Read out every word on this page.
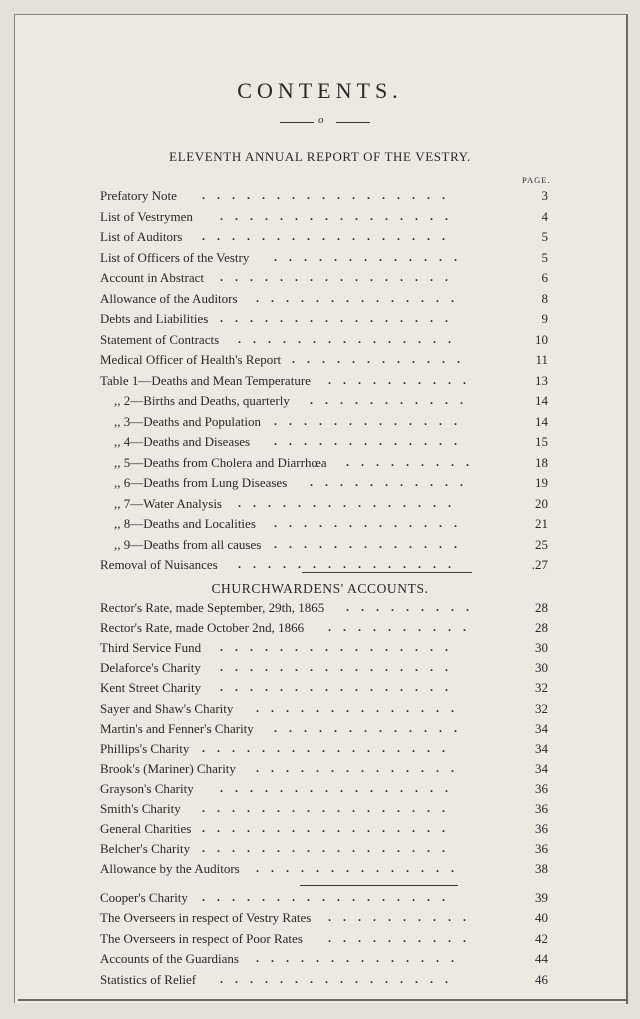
CONTENTS.
o
ELEVENTH ANNUAL REPORT OF THE VESTRY.
PAGE.
Prefatory Note	3
.................
List of Vestrymen	4
................
List of Auditors	5
.................
List of Officers of the Vestry	5
.............
Account in Abstract	6
................
Allowance of the Auditors	8
..............
Debts and Liabilities	9
................
Statement of Contracts	10
...............
Medical Officer of Health's Report	11
............
Table 1—Deaths and Mean Temperature	13
..........
,, 2—Births and Deaths, quarterly	14
...........
,, 3—Deaths and Population	14
.............
,, 4—Deaths and Diseases	15
.............
,, 5—Deaths from Cholera and Diarrhœa	18
.........
,, 6—Deaths from Lung Diseases	19
...........
,, 7—Water Analysis	20
...............
,, 8—Deaths and Localities	21
.............
,, 9—Deaths from all causes	25
.............
Removal of Nuisances	.27
...............
CHURCHWARDENS' ACCOUNTS.
Rector's Rate, made September, 29th, 1865	28
.........
Rector's Rate, made October 2nd, 1866	28
..........
Third Service Fund	30
................
Delaforce's Charity	30
................
Kent Street Charity	32
................
Sayer and Shaw's Charity	32
..............
Martin's and Fenner's Charity	34
.............
Phillips's Charity	34
.................
Brook's (Mariner) Charity	34
..............
Grayson's Charity	36
................
Smith's Charity	36
.................
General Charities	36
.................
Belcher's Charity	36
.................
Allowance by the Auditors	38
..............
Cooper's Charity	39
.................
The Overseers in respect of Vestry Rates	40
..........
The Overseers in respect of Poor Rates	42
..........
Accounts of the Guardians	44
..............
Statistics of Relief	46
................
